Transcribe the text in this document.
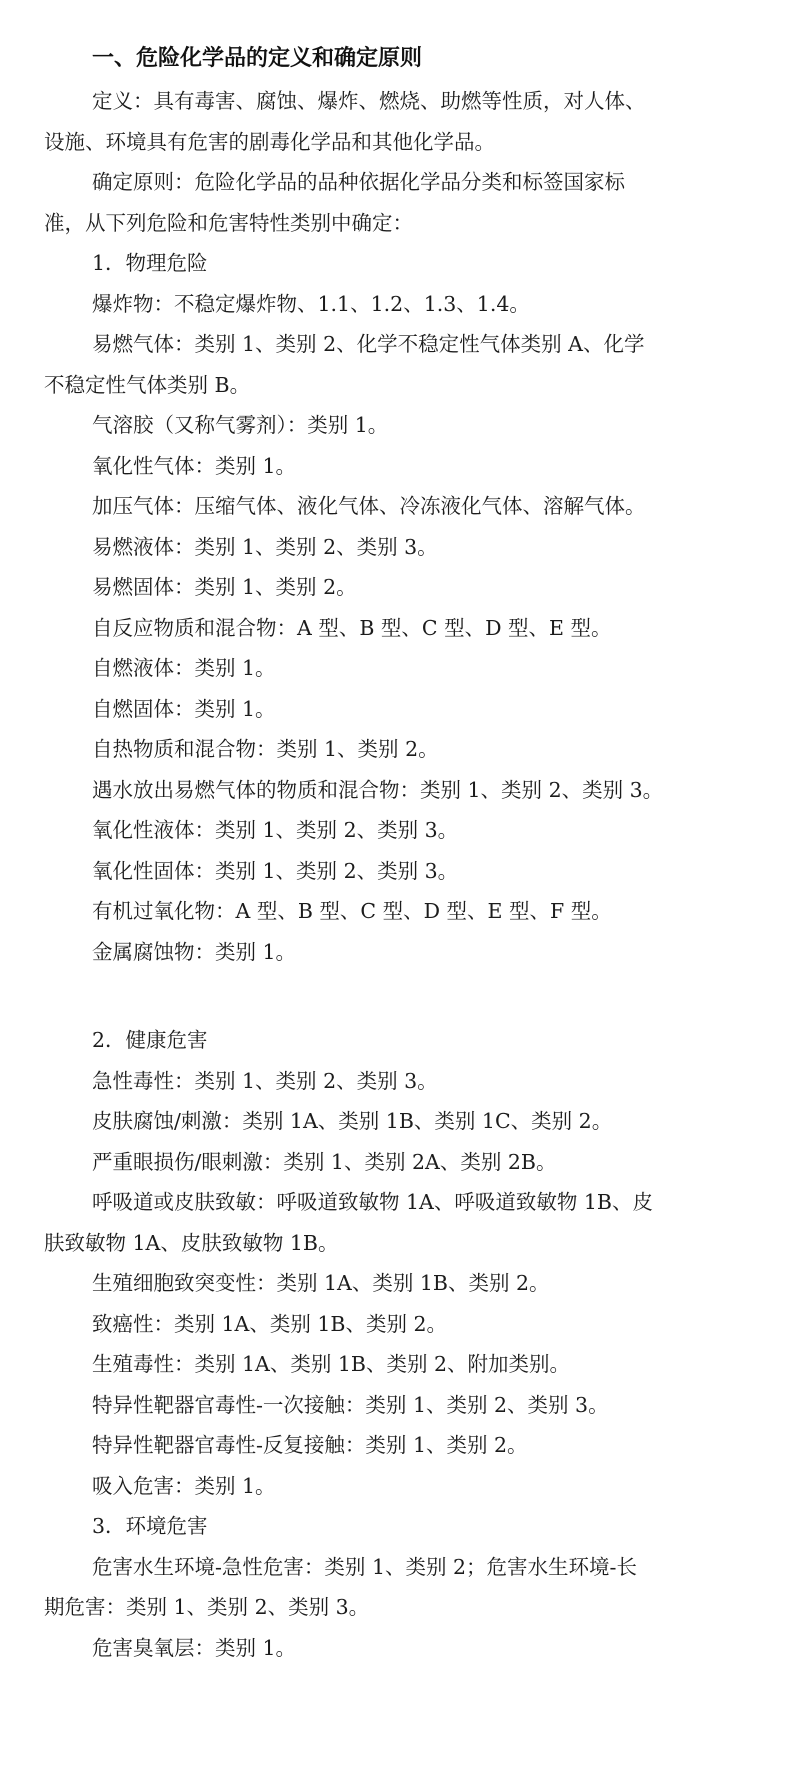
一、危险化学品的定义和确定原则
定义：具有毒害、腐蚀、爆炸、燃烧、助燃等性质，对人体、
设施、环境具有危害的剧毒化学品和其他化学品。
确定原则：危险化学品的品种依据化学品分类和标签国家标
准，从下列危险和危害特性类别中确定：
1．物理危险
爆炸物：不稳定爆炸物、1.1、1.2、1.3、1.4。
易燃气体：类别 1、类别 2、化学不稳定性气体类别 A、化学
不稳定性气体类别 B。
气溶胶（又称气雾剂）：类别 1。
氧化性气体：类别 1。
加压气体：压缩气体、液化气体、冷冻液化气体、溶解气体。
易燃液体：类别 1、类别 2、类别 3。
易燃固体：类别 1、类别 2。
自反应物质和混合物：A 型、B 型、C 型、D 型、E 型。
自燃液体：类别 1。
自燃固体：类别 1。
自热物质和混合物：类别 1、类别 2。
遇水放出易燃气体的物质和混合物：类别 1、类别 2、类别 3。
氧化性液体：类别 1、类别 2、类别 3。
氧化性固体：类别 1、类别 2、类别 3。
有机过氧化物：A 型、B 型、C 型、D 型、E 型、F 型。
金属腐蚀物：类别 1。
2．健康危害
急性毒性：类别 1、类别 2、类别 3。
皮肤腐蚀/刺激：类别 1A、类别 1B、类别 1C、类别 2。
严重眼损伤/眼刺激：类别 1、类别 2A、类别 2B。
呼吸道或皮肤致敏：呼吸道致敏物 1A、呼吸道致敏物 1B、皮
肤致敏物 1A、皮肤致敏物 1B。
生殖细胞致突变性：类别 1A、类别 1B、类别 2。
致癌性：类别 1A、类别 1B、类别 2。
生殖毒性：类别 1A、类别 1B、类别 2、附加类别。
特异性靶器官毒性-一次接触：类别 1、类别 2、类别 3。
特异性靶器官毒性-反复接触：类别 1、类别 2。
吸入危害：类别 1。
3．环境危害
危害水生环境-急性危害：类别 1、类别 2；危害水生环境-长
期危害：类别 1、类别 2、类别 3。
危害臭氧层：类别 1。
